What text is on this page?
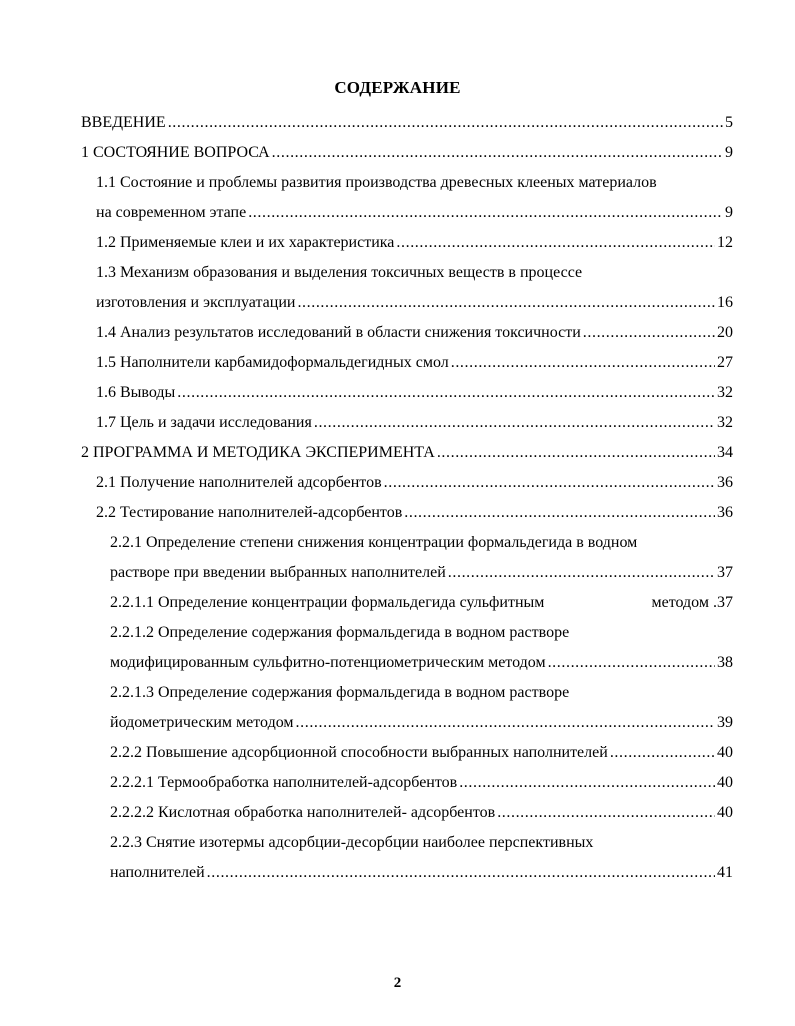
СОДЕРЖАНИЕ
ВВЕДЕНИЕ .....	5
1 СОСТОЯНИЕ ВОПРОСА .....	9
1.1 Состояние и проблемы развития производства древесных клееных материалов
на современном этапе .....	9
1.2 Применяемые клеи и их характеристика .....	12
1.3 Механизм образования и выделения токсичных веществ в процессе
изготовления и эксплуатации .....	16
1.4 Анализ результатов исследований в области снижения токсичности .....	20
1.5 Наполнители карбамидоформальдегидных смол .....	27
1.6 Выводы .....	32
1.7 Цель и задачи исследования .....	32
2 ПРОГРАММА И МЕТОДИКА ЭКСПЕРИМЕНТА .....	34
2.1 Получение наполнителей адсорбентов .....	36
2.2 Тестирование наполнителей-адсорбентов .....	36
2.2.1 Определение степени снижения концентрации формальдегида в водном
растворе при введении выбранных наполнителей .....	37
2.2.1.1 Определение концентрации формальдегида сульфитным	методом . 37
2.2.1.2 Определение содержания формальдегида в водном растворе
модифицированным сульфитно-потенциометрическим методом .....	38
2.2.1.3 Определение содержания формальдегида в водном растворе
йодометрическим методом .....	39
2.2.2 Повышение адсорбционной способности выбранных наполнителей .....	40
2.2.2.1 Термообработка наполнителей-адсорбентов .....	40
2.2.2.2 Кислотная обработка наполнителей- адсорбентов .....	40
2.2.3 Снятие изотермы адсорбции-десорбции наиболее перспективных
наполнителей .....	41
2
